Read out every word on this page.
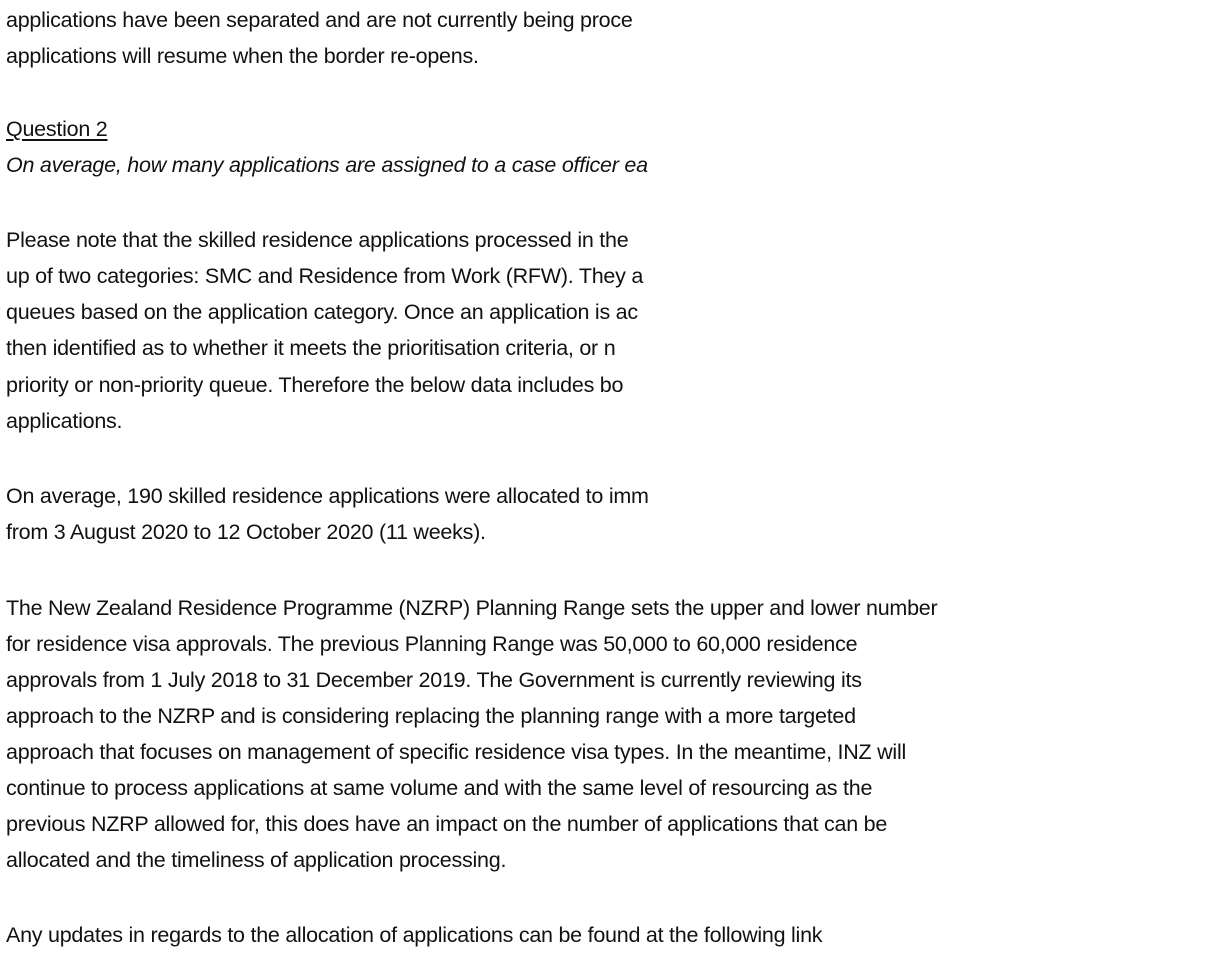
applications have been separated and are not currently being proce
applications will resume when the border re-opens.
Question 2
On average, how many applications are assigned to a case officer ea
Please note that the skilled residence applications processed in the
up of two categories: SMC and Residence from Work (RFW). They a
queues based on the application category. Once an application is ac
then identified as to whether it meets the prioritisation criteria, or n
priority or non-priority queue. Therefore the below data includes bo
applications.
On average, 190 skilled residence applications were allocated to imm
from 3 August 2020 to 12 October 2020 (11 weeks).
The New Zealand Residence Programme (NZRP) Planning Range sets the upper and lower number
for residence visa approvals. The previous Planning Range was 50,000 to 60,000 residence
approvals from 1 July 2018 to 31 December 2019. The Government is currently reviewing its
approach to the NZRP and is considering replacing the planning range with a more targeted
approach that focuses on management of specific residence visa types. In the meantime, INZ will
continue to process applications at same volume and with the same level of resourcing as the
previous NZRP allowed for, this does have an impact on the number of applications that can be
allocated and the timeliness of application processing.
Any updates in regards to the allocation of applications can be found at the following link
